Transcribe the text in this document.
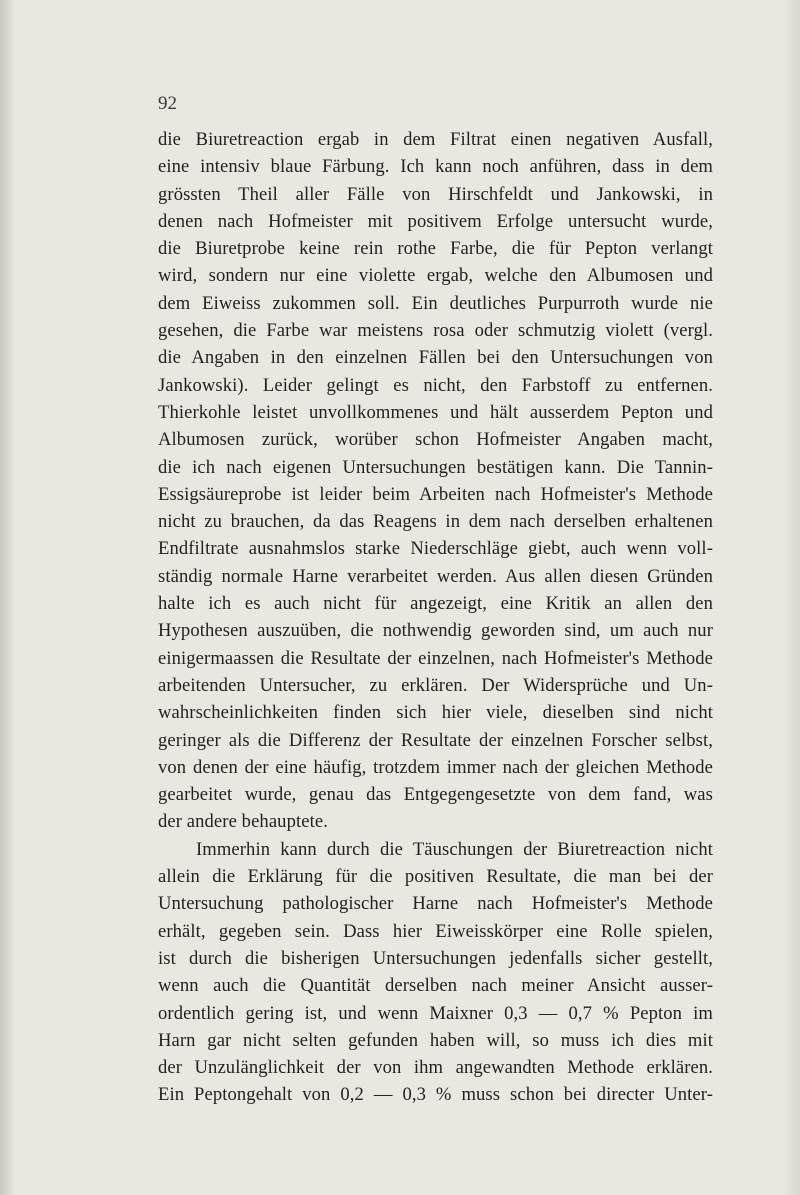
92
die Biuretreaction ergab in dem Filtrat einen negativen Ausfall,
eine intensiv blaue Färbung. Ich kann noch anführen, dass in dem
grössten Theil aller Fälle von Hirschfeldt und Jankowski, in
denen nach Hofmeister mit positivem Erfolge untersucht wurde,
die Biuretprobe keine rein rothe Farbe, die für Pepton verlangt
wird, sondern nur eine violette ergab, welche den Albumosen und
dem Eiweiss zukommen soll. Ein deutliches Purpurroth wurde nie
gesehen, die Farbe war meistens rosa oder schmutzig violett (vergl.
die Angaben in den einzelnen Fällen bei den Untersuchungen von
Jankowski). Leider gelingt es nicht, den Farbstoff zu entfernen.
Thierkohle leistet unvollkommenes und hält ausserdem Pepton und
Albumosen zurück, worüber schon Hofmeister Angaben macht,
die ich nach eigenen Untersuchungen bestätigen kann. Die Tannin-
Essigsäureprobe ist leider beim Arbeiten nach Hofmeister's Methode
nicht zu brauchen, da das Reagens in dem nach derselben erhaltenen
Endfiltrate ausnahmslos starke Niederschläge giebt, auch wenn voll-
ständig normale Harne verarbeitet werden. Aus allen diesen Gründen
halte ich es auch nicht für angezeigt, eine Kritik an allen den
Hypothesen auszuüben, die nothwendig geworden sind, um auch nur
einigermaassen die Resultate der einzelnen, nach Hofmeister's Methode
arbeitenden Untersucher, zu erklären. Der Widersprüche und Un-
wahrscheinlichkeiten finden sich hier viele, dieselben sind nicht
geringer als die Differenz der Resultate der einzelnen Forscher selbst,
von denen der eine häufig, trotzdem immer nach der gleichen Methode
gearbeitet wurde, genau das Entgegengesetzte von dem fand, was
der andere behauptete.
Immerhin kann durch die Täuschungen der Biuretreaction nicht
allein die Erklärung für die positiven Resultate, die man bei der
Untersuchung pathologischer Harne nach Hofmeister's Methode
erhält, gegeben sein. Dass hier Eiweisskörper eine Rolle spielen,
ist durch die bisherigen Untersuchungen jedenfalls sicher gestellt,
wenn auch die Quantität derselben nach meiner Ansicht ausser-
ordentlich gering ist, und wenn Maixner 0,3 — 0,7 % Pepton im
Harn gar nicht selten gefunden haben will, so muss ich dies mit
der Unzulänglichkeit der von ihm angewandten Methode erklären.
Ein Peptongehalt von 0,2 — 0,3 % muss schon bei directer Unter-
